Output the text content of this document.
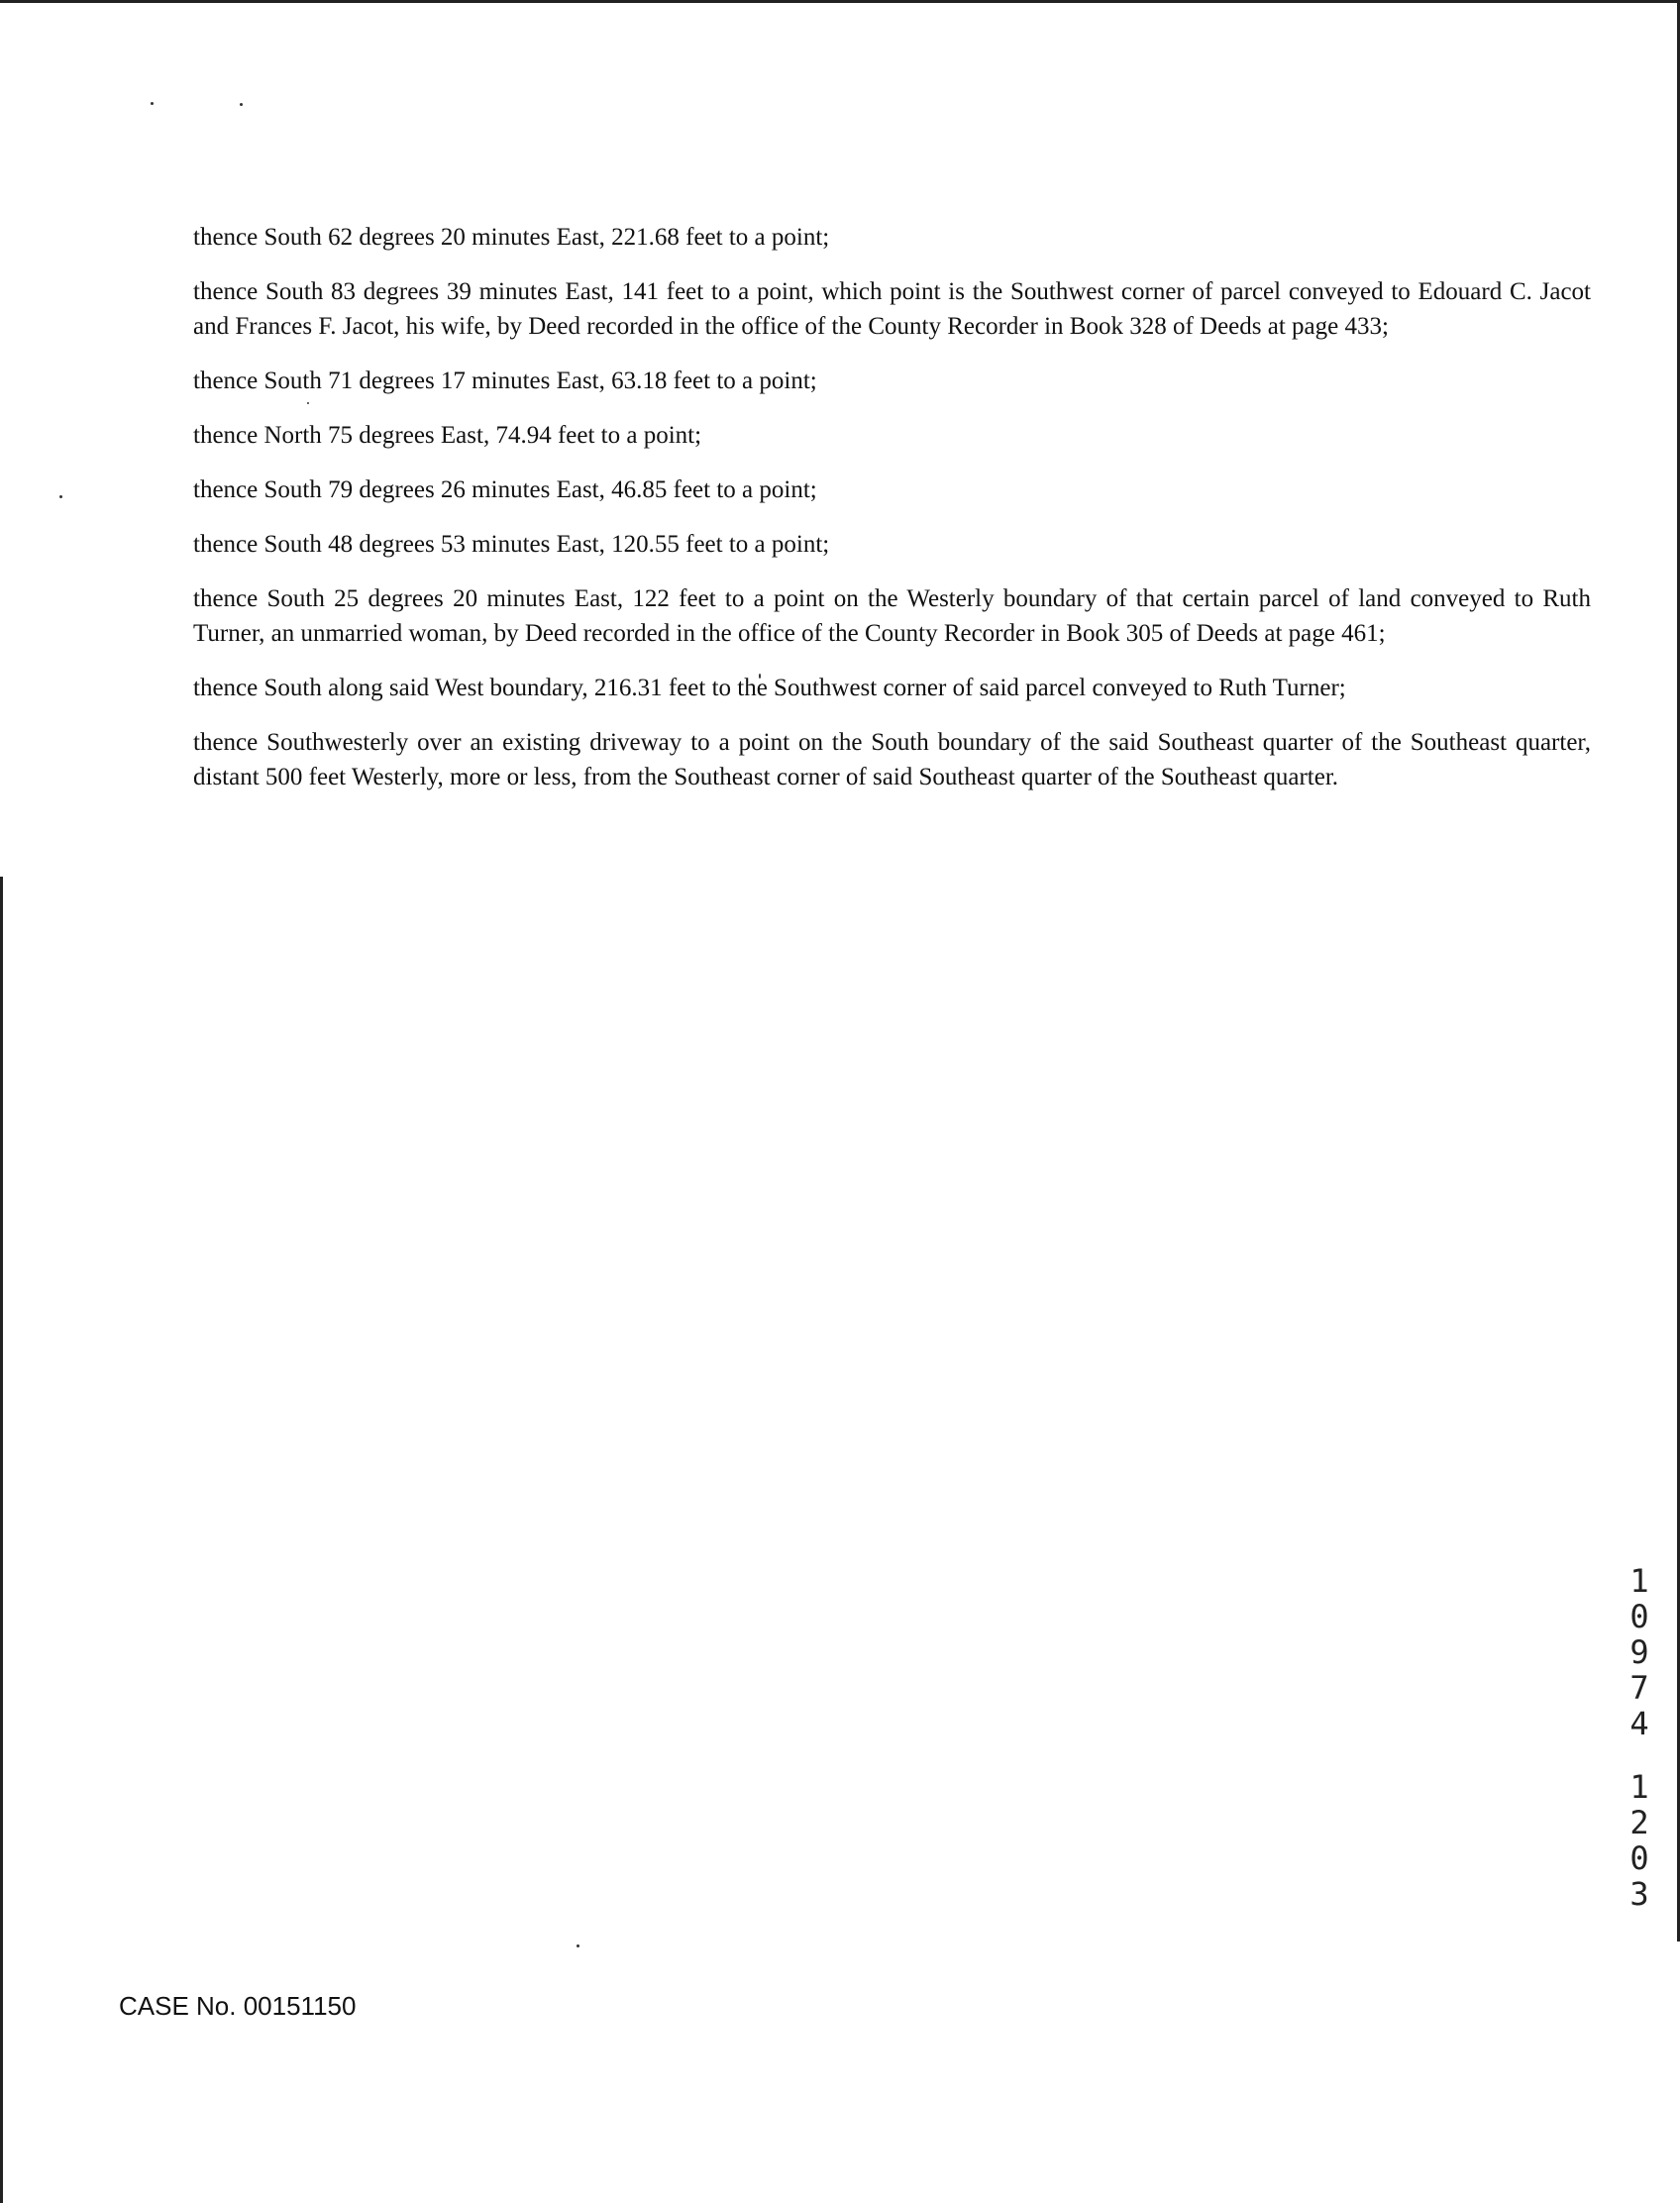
thence South 62 degrees 20 minutes East, 221.68 feet to a point;

thence South 83 degrees 39 minutes East, 141 feet to a point, which point is the Southwest corner of parcel conveyed to Edouard C. Jacot and Frances F. Jacot, his wife, by Deed recorded in the office of the County Recorder in Book 328 of Deeds at page 433;

thence South 71 degrees 17 minutes East, 63.18 feet to a point;

thence North 75 degrees East, 74.94 feet to a point;

thence South 79 degrees 26 minutes East, 46.85 feet to a point;

thence South 48 degrees 53 minutes East, 120.55 feet to a point;

thence South 25 degrees 20 minutes East, 122 feet to a point on the Westerly boundary of that certain parcel of land conveyed to Ruth Turner, an unmarried woman, by Deed recorded in the office of the County Recorder in Book 305 of Deeds at page 461;

thence South along said West boundary, 216.31 feet to the Southwest corner of said parcel conveyed to Ruth Turner;

thence Southwesterly over an existing driveway to a point on the South boundary of the said Southeast quarter of the Southeast quarter, distant 500 feet Westerly, more or less, from the Southeast corner of said Southeast quarter of the Southeast quarter.

1
0
9
7
4
1
2
0
3
CASE No. 00151150
